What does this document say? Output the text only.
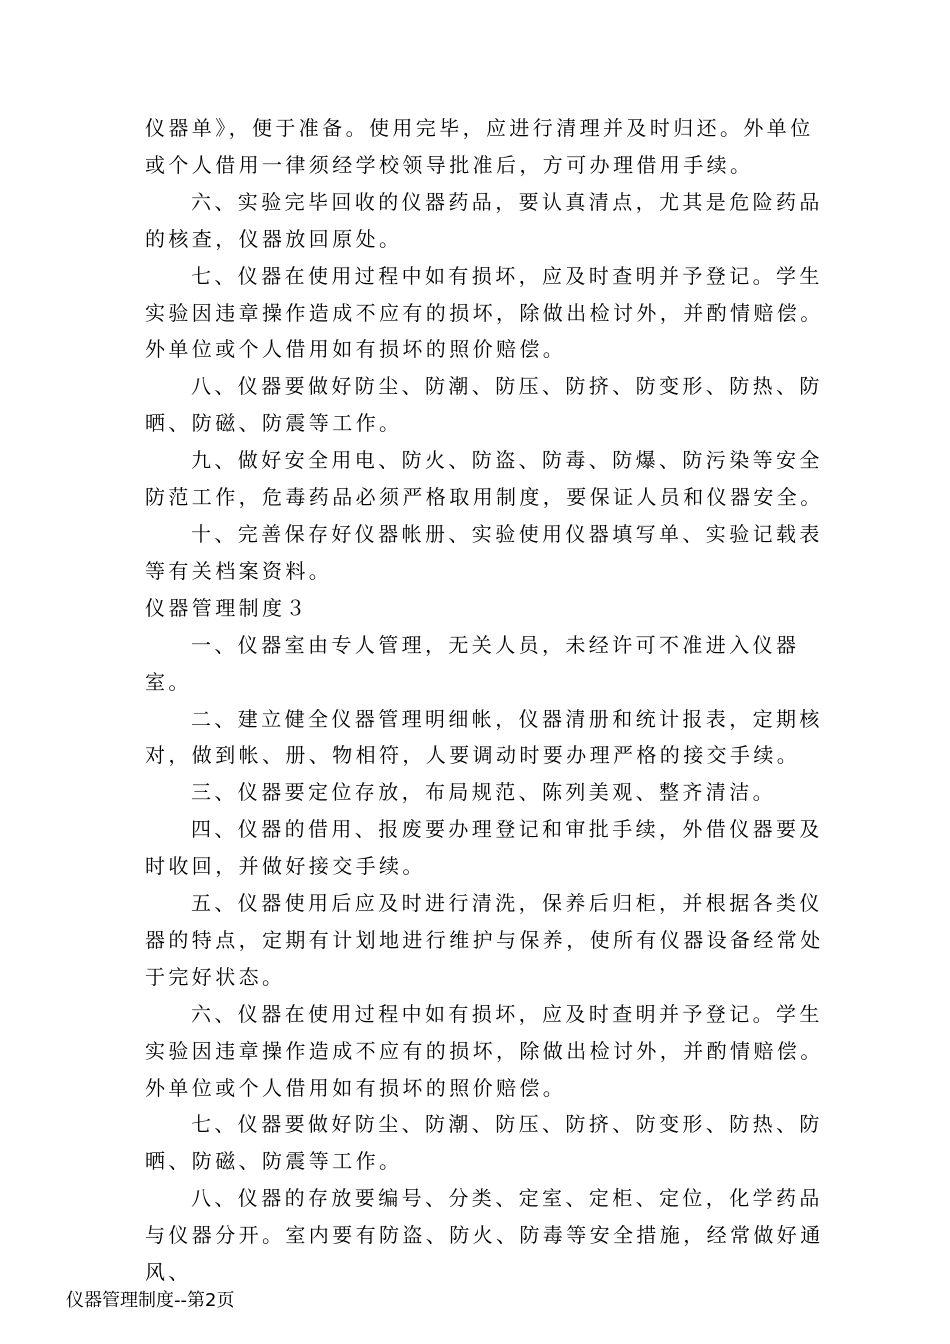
仪器单》，便于准备。使用完毕，应进行清理并及时归还。外单位或个人借用一律须经学校领导批准后，方可办理借用手续。

六、实验完毕回收的仪器药品，要认真清点，尤其是危险药品的核查，仪器放回原处。

七、仪器在使用过程中如有损坏，应及时查明并予登记。学生实验因违章操作造成不应有的损坏，除做出检讨外，并酌情赔偿。外单位或个人借用如有损坏的照价赔偿。

八、仪器要做好防尘、防潮、防压、防挤、防变形、防热、防晒、防磁、防震等工作。

九、做好安全用电、防火、防盗、防毒、防爆、防污染等安全防范工作，危毒药品必须严格取用制度，要保证人员和仪器安全。

十、完善保存好仪器帐册、实验使用仪器填写单、实验记载表等有关档案资料。

仪器管理制度３

一、仪器室由专人管理，无关人员，未经许可不准进入仪器室。

二、建立健全仪器管理明细帐，仪器清册和统计报表，定期核对，做到帐、册、物相符，人要调动时要办理严格的接交手续。

三、仪器要定位存放，布局规范、陈列美观、整齐清洁。

四、仪器的借用、报废要办理登记和审批手续，外借仪器要及时收回，并做好接交手续。

五、仪器使用后应及时进行清洗，保养后归柜，并根据各类仪器的特点，定期有计划地进行维护与保养，使所有仪器设备经常处于完好状态。

六、仪器在使用过程中如有损坏，应及时查明并予登记。学生实验因违章操作造成不应有的损坏，除做出检讨外，并酌情赔偿。外单位或个人借用如有损坏的照价赔偿。

七、仪器要做好防尘、防潮、防压、防挤、防变形、防热、防晒、防磁、防震等工作。

八、仪器的存放要编号、分类、定室、定柜、定位，化学药品与仪器分开。室内要有防盗、防火、防毒等安全措施，经常做好通风、

仪器管理制度--第2页
